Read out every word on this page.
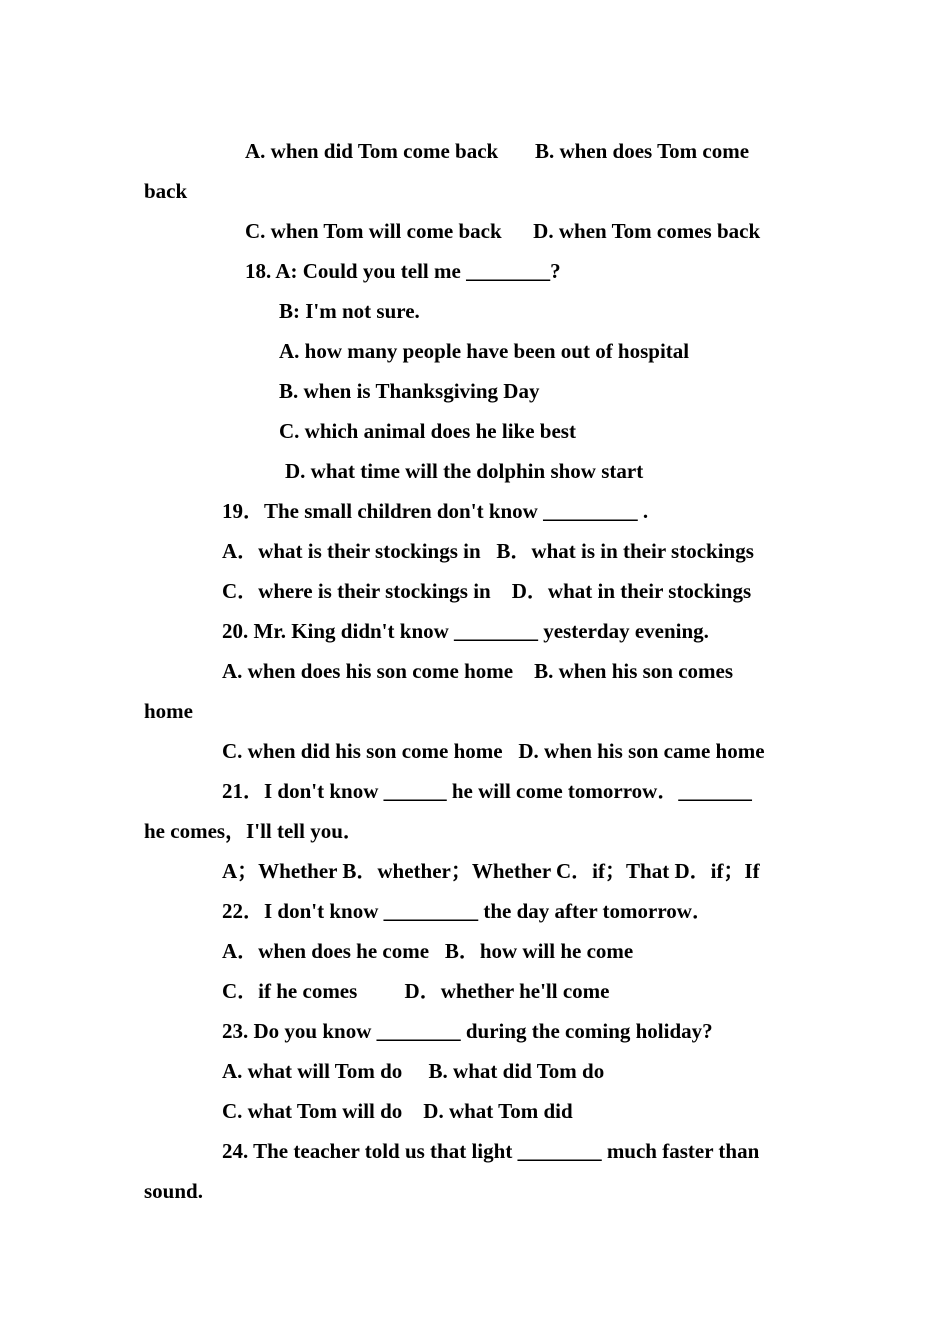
A. when did Tom come back       B. when does Tom come
back
C. when Tom will come back      D. when Tom comes back
18. A: Could you tell me ________?
B: I'm not sure.
A. how many people have been out of hospital
B. when is Thanksgiving Day
C. which animal does he like best
D. what time will the dolphin show start
19．The small children don't know _________ .
A．what is their stockings in   B．what is in their stockings
C．where is their stockings in    D．what in their stockings
20. Mr. King didn't know ________ yesterday evening.
A. when does his son come home    B. when his son comes
home
C. when did his son come home   D. when his son came home
21．I don't know ______ he will come tomorrow．_______
he comes，I'll tell you．
A；Whether B．whether；Whether C．if；That D．if；If
22．I don't know _________ the day after tomorrow．
A．when does he come   B．how will he come
C．if he comes         D．whether he'll come
23. Do you know ________ during the coming holiday?
A. what will Tom do     B. what did Tom do
C. what Tom will do    D. what Tom did
24. The teacher told us that light ________ much faster than
sound.
